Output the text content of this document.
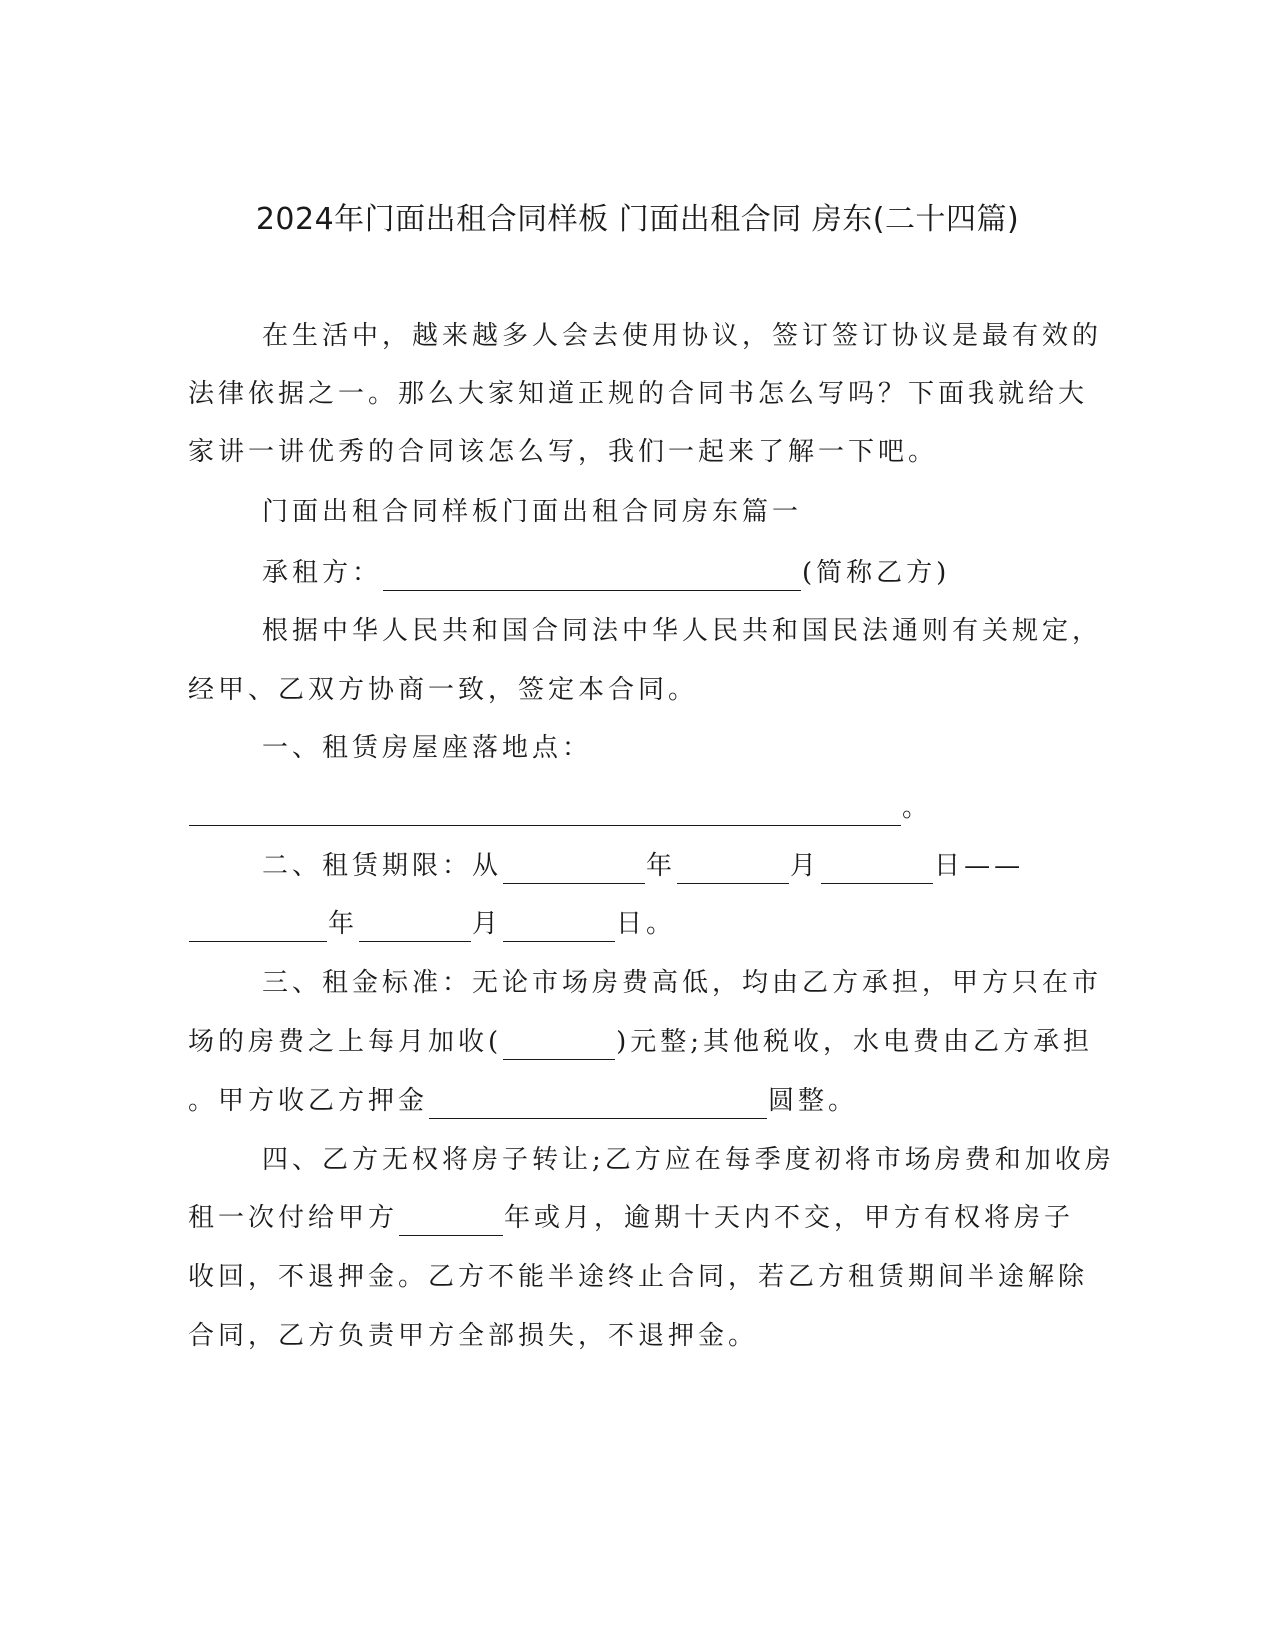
2024年门面出租合同样板 门面出租合同 房东(二十四篇)
在生活中，越来越多人会去使用协议，签订签订协议是最有效的
法律依据之一。那么大家知道正规的合同书怎么写吗？下面我就给大
家讲一讲优秀的合同该怎么写，我们一起来了解一下吧。
门面出租合同样板门面出租合同房东篇一
承租方：	(简称乙方)
根据中华人民共和国合同法中华人民共和国民法通则有关规定，
经甲、乙双方协商一致，签定本合同。
一、租赁房屋座落地点：
。
二、租赁期限：从	年	月	日——
年	月	日。
三、租金标准：无论市场房费高低，均由乙方承担，甲方只在市
场的房费之上每月加收(	)元整;其他税收，水电费由乙方承担
。甲方收乙方押金	圆整。
四、乙方无权将房子转让;乙方应在每季度初将市场房费和加收房
租一次付给甲方	年或月，逾期十天内不交，甲方有权将房子
收回，不退押金。乙方不能半途终止合同，若乙方租赁期间半途解除
合同，乙方负责甲方全部损失，不退押金。
